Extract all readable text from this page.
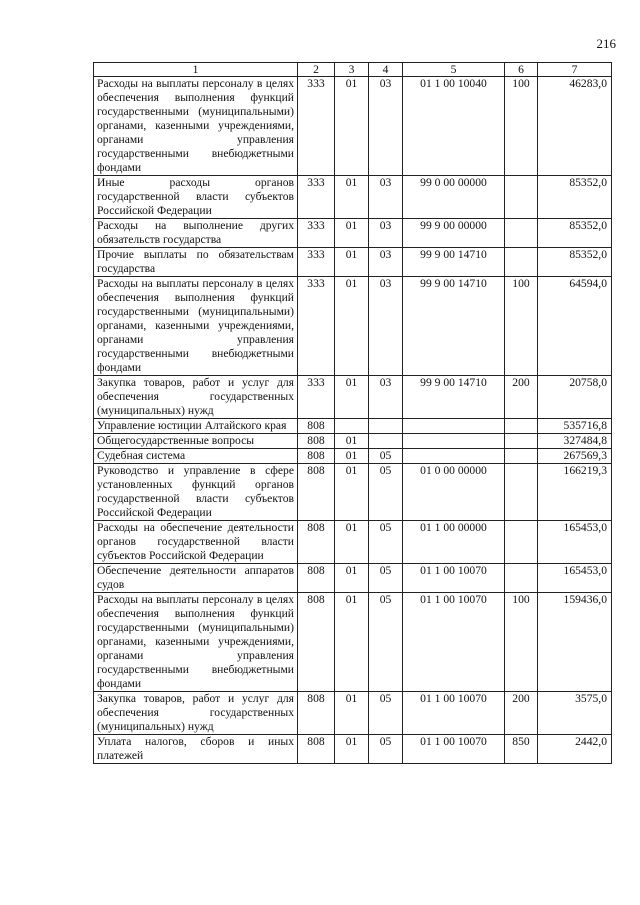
216
1	2	3	4	5	6	7
Расходы на выплаты персоналу в целях обеспечения выполнения функций государственными (муниципальными) органами, казенными учреждениями, органами управления государственными внебюджетными фондами	333	01	03	01 1 00 10040	100	46283,0
Иные расходы органов государственной власти субъектов Российской Федерации	333	01	03	99 0 00 00000		85352,0
Расходы на выполнение других обязательств государства	333	01	03	99 9 00 00000		85352,0
Прочие выплаты по обязательствам государства	333	01	03	99 9 00 14710		85352,0
Расходы на выплаты персоналу в целях обеспечения выполнения функций государственными (муниципальными) органами, казенными учреждениями, органами управления государственными внебюджетными фондами	333	01	03	99 9 00 14710	100	64594,0
Закупка товаров, работ и услуг для обеспечения государственных (муниципальных) нужд	333	01	03	99 9 00 14710	200	20758,0
Управление юстиции Алтайского края	808					535716,8
Общегосударственные вопросы	808	01				327484,8
Судебная система	808	01	05			267569,3
Руководство и управление в сфере установленных функций органов государственной власти субъектов Российской Федерации	808	01	05	01 0 00 00000		166219,3
Расходы на обеспечение деятельности органов государственной власти субъектов Российской Федерации	808	01	05	01 1 00 00000		165453,0
Обеспечение деятельности аппаратов судов	808	01	05	01 1 00 10070		165453,0
Расходы на выплаты персоналу в целях обеспечения выполнения функций государственными (муниципальными) органами, казенными учреждениями, органами управления государственными внебюджетными фондами	808	01	05	01 1 00 10070	100	159436,0
Закупка товаров, работ и услуг для обеспечения государственных (муниципальных) нужд	808	01	05	01 1 00 10070	200	3575,0
Уплата налогов, сборов и иных платежей	808	01	05	01 1 00 10070	850	2442,0
